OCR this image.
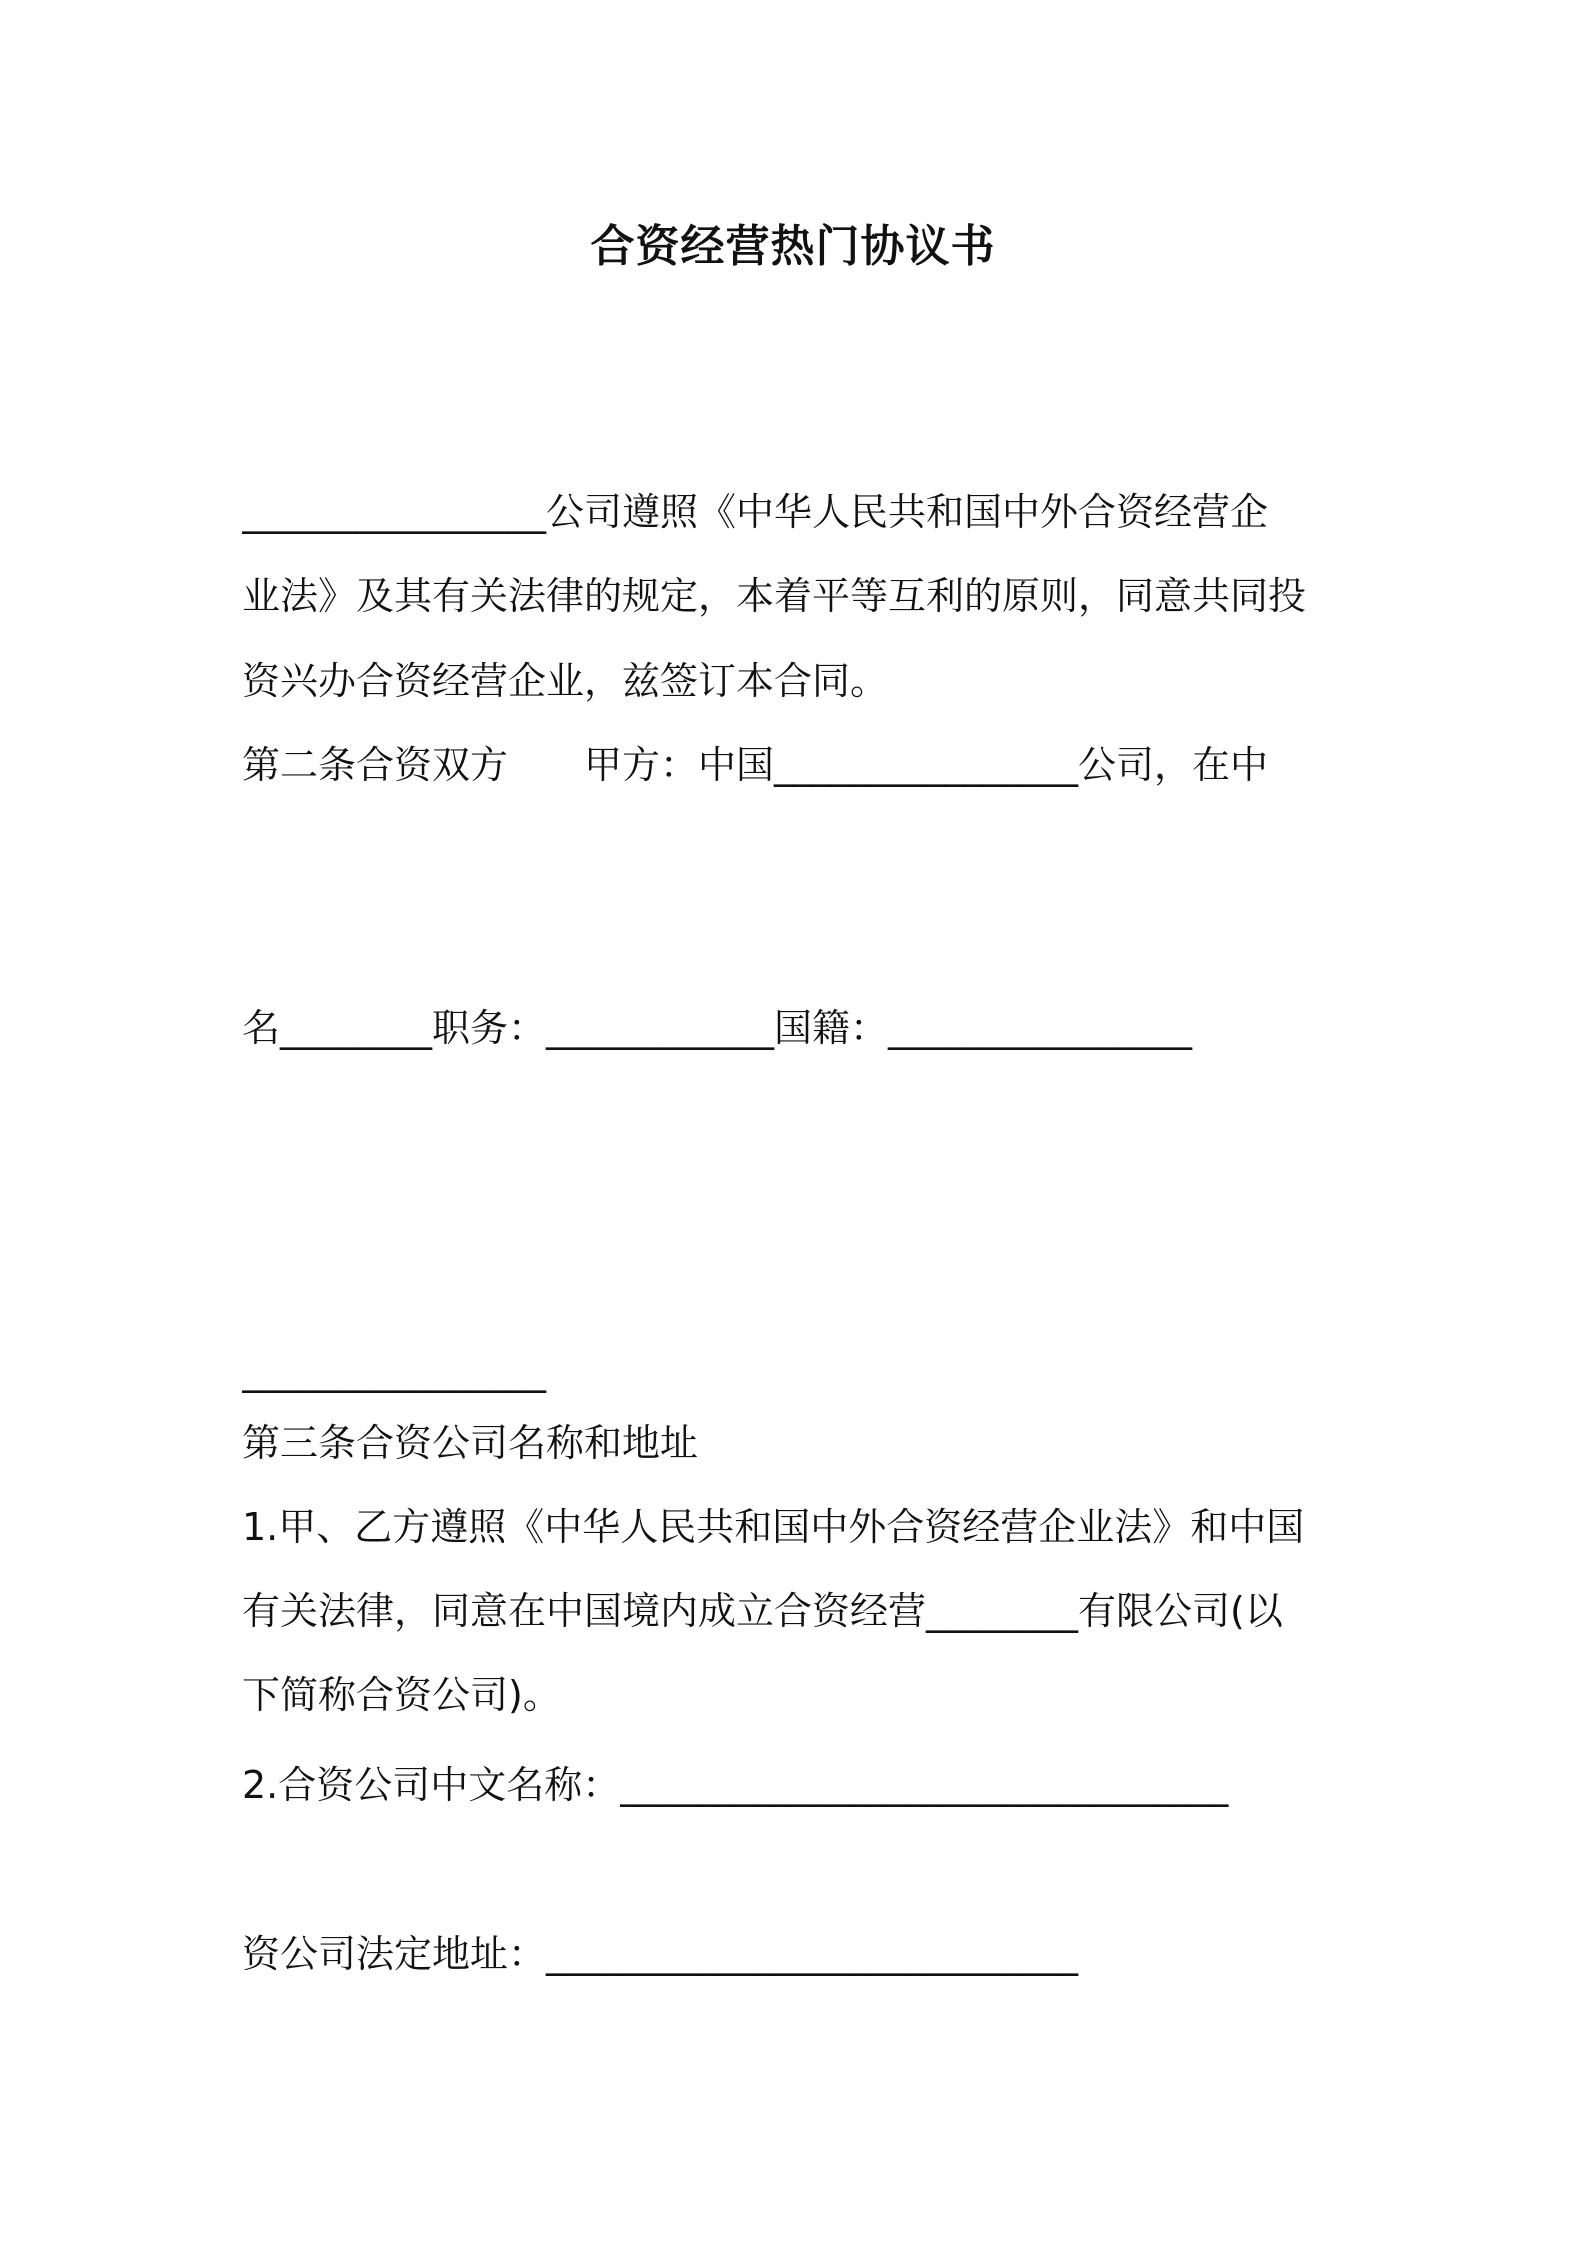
合资经营热门协议书
________________公司遵照《中华人民共和国中外合资经营企
业法》及其有关法律的规定，本着平等互利的原则，同意共同投
资兴办合资经营企业，兹签订本合同。
第二条合资双方　　甲方：中国________________公司，在中
名________职务：____________国籍：________________
________________
第三条合资公司名称和地址
1.甲、乙方遵照《中华人民共和国中外合资经营企业法》和中国
有关法律，同意在中国境内成立合资经营________有限公司(以
下简称合资公司)。
2.合资公司中文名称：________________________________
资公司法定地址：____________________________
